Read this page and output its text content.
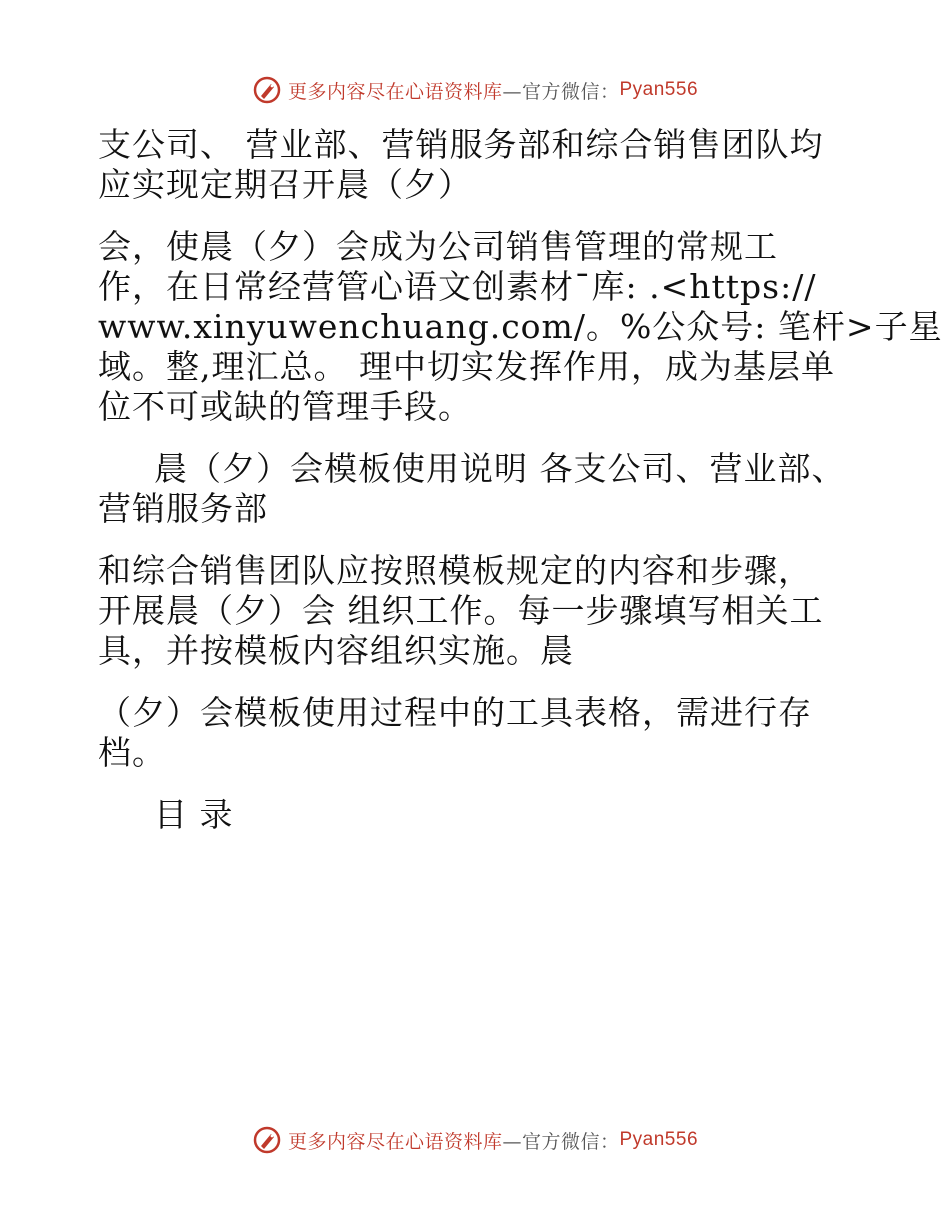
更多内容尽在心语资料库 —官方微信： Pyan556

支公司、 营业部、营销服务部和综合销售团队均

应实现定期召开晨（夕）

会，使晨（夕）会成为公司销售管理的常规工

作，在日常经营管心语文创素材¯库: .<https://

www.xinyuwenchuang.com/。%公众号: 笔杆>子星

域。整,理汇总。 理中切实发挥作用，成为基层单

位不可或缺的管理手段。

晨（夕）会模板使用说明 各支公司、营业部、

营销服务部

和综合销售团队应按照模板规定的内容和步骤，

开展晨（夕）会 组织工作。每一步骤填写相关工

具，并按模板内容组织实施。晨

（夕）会模板使用过程中的工具表格，需进行存

档。

目 录

更多内容尽在心语资料库 —官方微信： Pyan556
